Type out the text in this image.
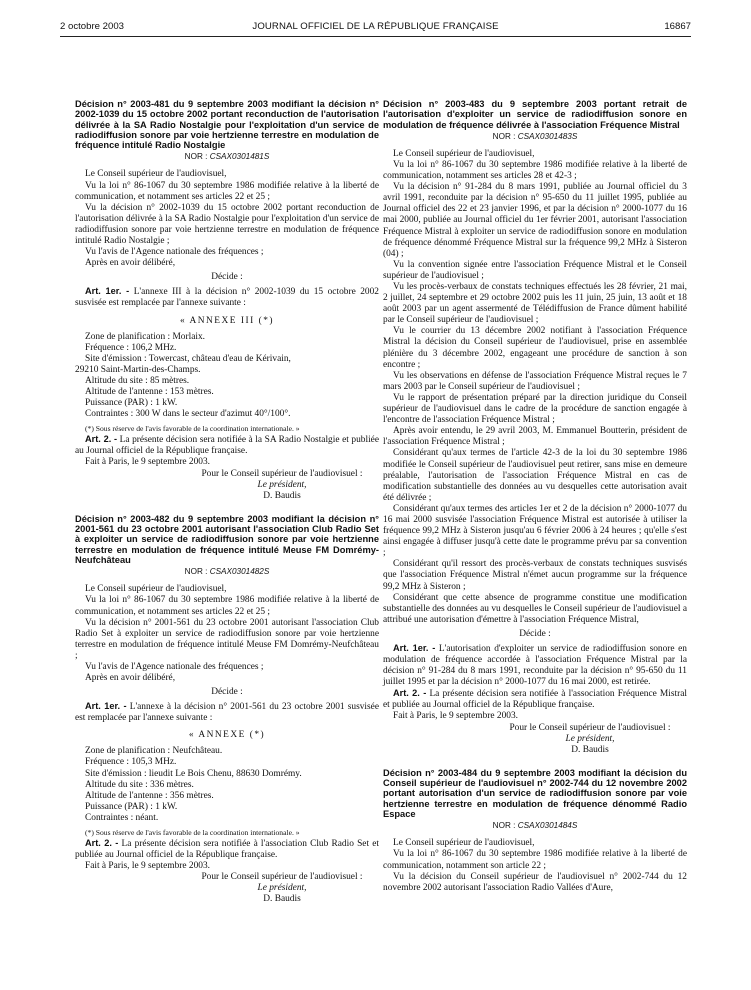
2 octobre 2003	JOURNAL OFFICIEL DE LA RÉPUBLIQUE FRANÇAISE	16867

Décision n° 2003-481 du 9 septembre 2003 modifiant la décision n° 2002-1039 du 15 octobre 2002 portant reconduction de l'autorisation délivrée à la SA Radio Nostalgie pour l'exploitation d'un service de radiodiffusion sonore par voie hertzienne terrestre en modulation de fréquence intitulé Radio Nostalgie

NOR : CSAX0301481S

Le Conseil supérieur de l'audiovisuel,

Vu la loi n° 86-1067 du 30 septembre 1986 modifiée relative à la liberté de communication, et notamment ses articles 22 et 25 ;

Vu la décision n° 2002-1039 du 15 octobre 2002 portant reconduction de l'autorisation délivrée à la SA Radio Nostalgie pour l'exploitation d'un service de radiodiffusion sonore par voie hertzienne terrestre en modulation de fréquence intitulé Radio Nostalgie ;

Vu l'avis de l'Agence nationale des fréquences ;

Après en avoir délibéré,

Décide :

Art. 1er. - L'annexe III à la décision n° 2002-1039 du 15 octobre 2002 susvisée est remplacée par l'annexe suivante :

« ANNEXE III (*)

Zone de planification : Morlaix.

Fréquence : 106,2 MHz.

Site d'émission : Towercast, château d'eau de Kérivain,

29210 Saint-Martin-des-Champs.

Altitude du site : 85 mètres.

Altitude de l'antenne : 153 mètres.

Puissance (PAR) : 1 kW.

Contraintes : 300 W dans le secteur d'azimut 40°/100°.

(*) Sous réserve de l'avis favorable de la coordination internationale. »

Art. 2. - La présente décision sera notifiée à la SA Radio Nostalgie et publiée au Journal officiel de la République française.

Fait à Paris, le 9 septembre 2003.

Pour le Conseil supérieur de l'audiovisuel :

Le président,

D. Baudis

Décision n° 2003-482 du 9 septembre 2003 modifiant la décision n° 2001-561 du 23 octobre 2001 autorisant l'association Club Radio Set à exploiter un service de radiodiffusion sonore par voie hertzienne terrestre en modulation de fréquence intitulé Meuse FM Domrémy-Neufchâteau

NOR : CSAX0301482S

Le Conseil supérieur de l'audiovisuel,

Vu la loi n° 86-1067 du 30 septembre 1986 modifiée relative à la liberté de communication, et notamment ses articles 22 et 25 ;

Vu la décision n° 2001-561 du 23 octobre 2001 autorisant l'association Club Radio Set à exploiter un service de radiodiffusion sonore par voie hertzienne terrestre en modulation de fréquence intitulé Meuse FM Domrémy-Neufchâteau ;

Vu l'avis de l'Agence nationale des fréquences ;

Après en avoir délibéré,

Décide :

Art. 1er. - L'annexe à la décision n° 2001-561 du 23 octobre 2001 susvisée est remplacée par l'annexe suivante :

« ANNEXE (*)

Zone de planification : Neufchâteau.

Fréquence : 105,3 MHz.

Site d'émission : lieudit Le Bois Chenu, 88630 Domrémy.

Altitude du site : 336 mètres.

Altitude de l'antenne : 356 mètres.

Puissance (PAR) : 1 kW.

Contraintes : néant.

(*) Sous réserve de l'avis favorable de la coordination internationale. »

Art. 2. - La présente décision sera notifiée à l'association Club Radio Set et publiée au Journal officiel de la République française.

Fait à Paris, le 9 septembre 2003.

Pour le Conseil supérieur de l'audiovisuel :

Le président,

D. Baudis

Décision n° 2003-483 du 9 septembre 2003 portant retrait de l'autorisation d'exploiter un service de radiodiffusion sonore en modulation de fréquence délivrée à l'association Fréquence Mistral

NOR : CSAX0301483S

Le Conseil supérieur de l'audiovisuel,

Vu la loi n° 86-1067 du 30 septembre 1986 modifiée relative à la liberté de communication, notamment ses articles 28 et 42-3 ;

Vu la décision n° 91-284 du 8 mars 1991, publiée au Journal officiel du 3 avril 1991, reconduite par la décision n° 95-650 du 11 juillet 1995, publiée au Journal officiel des 22 et 23 janvier 1996, et par la décision n° 2000-1077 du 16 mai 2000, publiée au Journal officiel du 1er février 2001, autorisant l'association Fréquence Mistral à exploiter un service de radiodiffusion sonore en modulation de fréquence dénommé Fréquence Mistral sur la fréquence 99,2 MHz à Sisteron (04) ;

Vu la convention signée entre l'association Fréquence Mistral et le Conseil supérieur de l'audiovisuel ;

Vu les procès-verbaux de constats techniques effectués les 28 février, 21 mai, 2 juillet, 24 septembre et 29 octobre 2002 puis les 11 juin, 25 juin, 13 août et 18 août 2003 par un agent assermenté de Télédiffusion de France dûment habilité par le Conseil supérieur de l'audiovisuel ;

Vu le courrier du 13 décembre 2002 notifiant à l'association Fréquence Mistral la décision du Conseil supérieur de l'audiovisuel, prise en assemblée plénière du 3 décembre 2002, engageant une procédure de sanction à son encontre ;

Vu les observations en défense de l'association Fréquence Mistral reçues le 7 mars 2003 par le Conseil supérieur de l'audiovisuel ;

Vu le rapport de présentation préparé par la direction juridique du Conseil supérieur de l'audiovisuel dans le cadre de la procédure de sanction engagée à l'encontre de l'association Fréquence Mistral ;

Après avoir entendu, le 29 avril 2003, M. Emmanuel Boutterin, président de l'association Fréquence Mistral ;

Considérant qu'aux termes de l'article 42-3 de la loi du 30 septembre 1986 modifiée le Conseil supérieur de l'audiovisuel peut retirer, sans mise en demeure préalable, l'autorisation de l'association Fréquence Mistral en cas de modification substantielle des données au vu desquelles cette autorisation avait été délivrée ;

Considérant qu'aux termes des articles 1er et 2 de la décision n° 2000-1077 du 16 mai 2000 susvisée l'association Fréquence Mistral est autorisée à utiliser la fréquence 99,2 MHz à Sisteron jusqu'au 6 février 2006 à 24 heures ; qu'elle s'est ainsi engagée à diffuser jusqu'à cette date le programme prévu par sa convention ;

Considérant qu'il ressort des procès-verbaux de constats techniques susvisés que l'association Fréquence Mistral n'émet aucun programme sur la fréquence 99,2 MHz à Sisteron ;

Considérant que cette absence de programme constitue une modification substantielle des données au vu desquelles le Conseil supérieur de l'audiovisuel a attribué une autorisation d'émettre à l'association Fréquence Mistral,

Décide :

Art. 1er. - L'autorisation d'exploiter un service de radiodiffusion sonore en modulation de fréquence accordée à l'association Fréquence Mistral par la décision n° 91-284 du 8 mars 1991, reconduite par la décision n° 95-650 du 11 juillet 1995 et par la décision n° 2000-1077 du 16 mai 2000, est retirée.

Art. 2. - La présente décision sera notifiée à l'association Fréquence Mistral et publiée au Journal officiel de la République française.

Fait à Paris, le 9 septembre 2003.

Pour le Conseil supérieur de l'audiovisuel :

Le président,

D. Baudis

Décision n° 2003-484 du 9 septembre 2003 modifiant la décision du Conseil supérieur de l'audiovisuel n° 2002-744 du 12 novembre 2002 portant autorisation d'un service de radiodiffusion sonore par voie hertzienne terrestre en modulation de fréquence dénommé Radio Espace

NOR : CSAX0301484S

Le Conseil supérieur de l'audiovisuel,

Vu la loi n° 86-1067 du 30 septembre 1986 modifiée relative à la liberté de communication, notamment son article 22 ;

Vu la décision du Conseil supérieur de l'audiovisuel n° 2002-744 du 12 novembre 2002 autorisant l'association Radio Vallées d'Aure,
